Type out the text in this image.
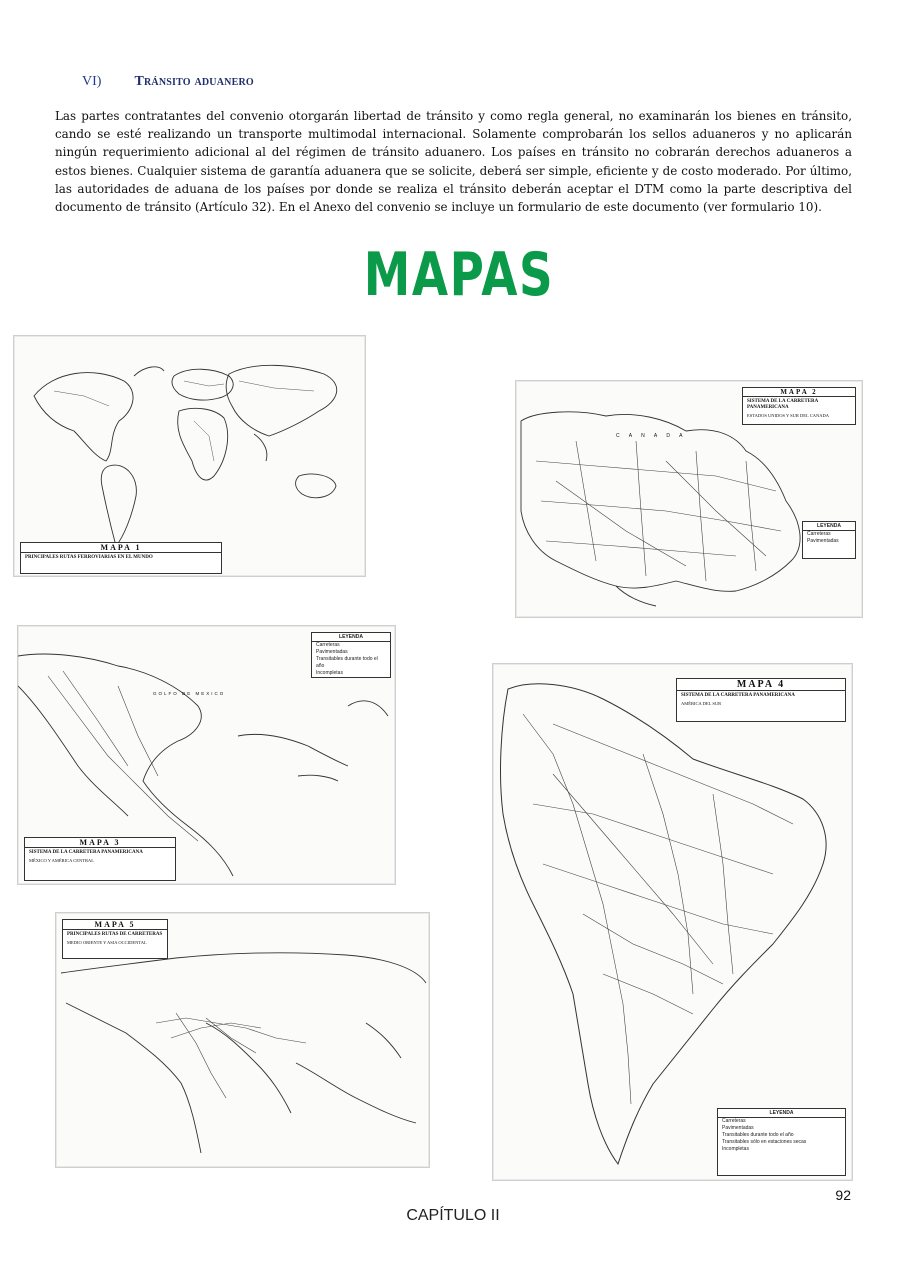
VI) Tránsito aduanero

Las partes contratantes del convenio otorgarán libertad de tránsito y como regla general, no examinarán los bienes en tránsito, cando se esté realizando un transporte multimodal internacional. Solamente comprobarán los sellos aduaneros y no aplicarán ningún requerimiento adicional al del régimen de tránsito aduanero. Los países en tránsito no cobrarán derechos aduaneros a estos bienes. Cualquier sistema de garantía aduanera que se solicite, deberá ser simple, eficiente y de costo moderado. Por último, las autoridades de aduana de los países por donde se realiza el tránsito deberán aceptar el DTM como la parte descriptiva del documento de tránsito (Artículo 32). En el Anexo del convenio se incluye un formulario de este documento (ver formulario 10).

MAPAS
MAPA 1
PRINCIPALES RUTAS FERROVIARIAS EN EL MUNDO
C A N A D A
MAPA 2
SISTEMA DE LA CARRETERA PANAMERICANA
ESTADOS UNIDOS Y SUR DEL CANADA
LEYENDA
Carreteras
Pavimentadas
GOLFO DE MEXICO
LEYENDA
Carreteras
Pavimentadas
Transitables durante todo el año
Incompletas
MAPA 3
SISTEMA DE LA CARRETERA PANAMERICANA
MÉXICO Y AMÉRICA CENTRAL
MAPA 4
SISTEMA DE LA CARRETERA PANAMERICANA
AMÉRICA DEL SUR
LEYENDA
Carreteras
Pavimentadas
Transitables durante todo el año
Transitables sólo en estaciones secas
Incompletas
MAPA 5
PRINCIPALES RUTAS DE CARRETERAS
MEDIO ORIENTE Y ASIA OCCIDENTAL
92
CAPÍTULO II
